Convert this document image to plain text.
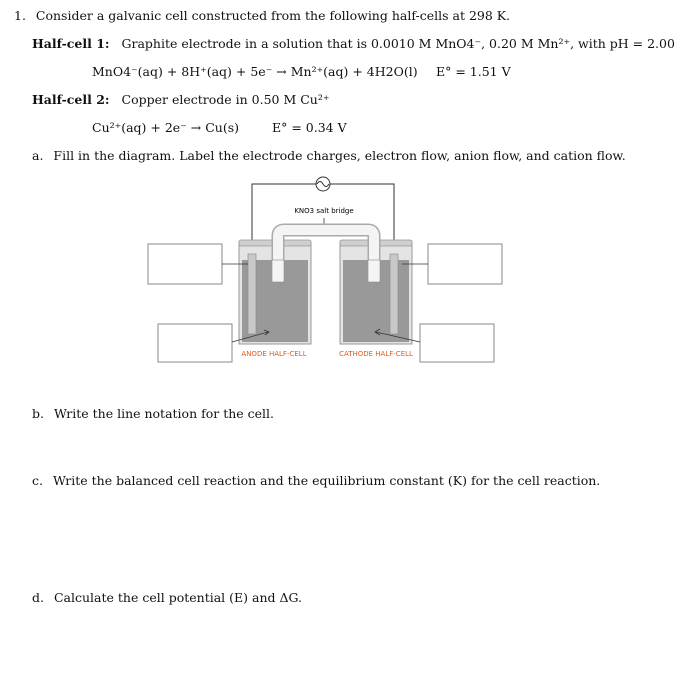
1. Consider a galvanic cell constructed from the following half-cells at 298 K.
Half-cell 1: Graphite electrode in a solution that is 0.0010 M MnO4⁻, 0.20 M Mn²⁺, with pH = 2.00
MnO4⁻(aq) + 8H⁺(aq) + 5e⁻ → Mn²⁺(aq) + 4H2O(l) E° = 1.51 V
Half-cell 2: Copper electrode in 0.50 M Cu²⁺
Cu²⁺(aq) + 2e⁻ → Cu(s)	E° = 0.34 V
a. Fill in the diagram. Label the electrode charges, electron flow, anion flow, and cation flow.
KNO3 salt bridge
ANODE HALF-CELL	CATHODE HALF-CELL
b. Write the line notation for the cell.
c. Write the balanced cell reaction and the equilibrium constant (K) for the cell reaction.
d. Calculate the cell potential (E) and ΔG.
